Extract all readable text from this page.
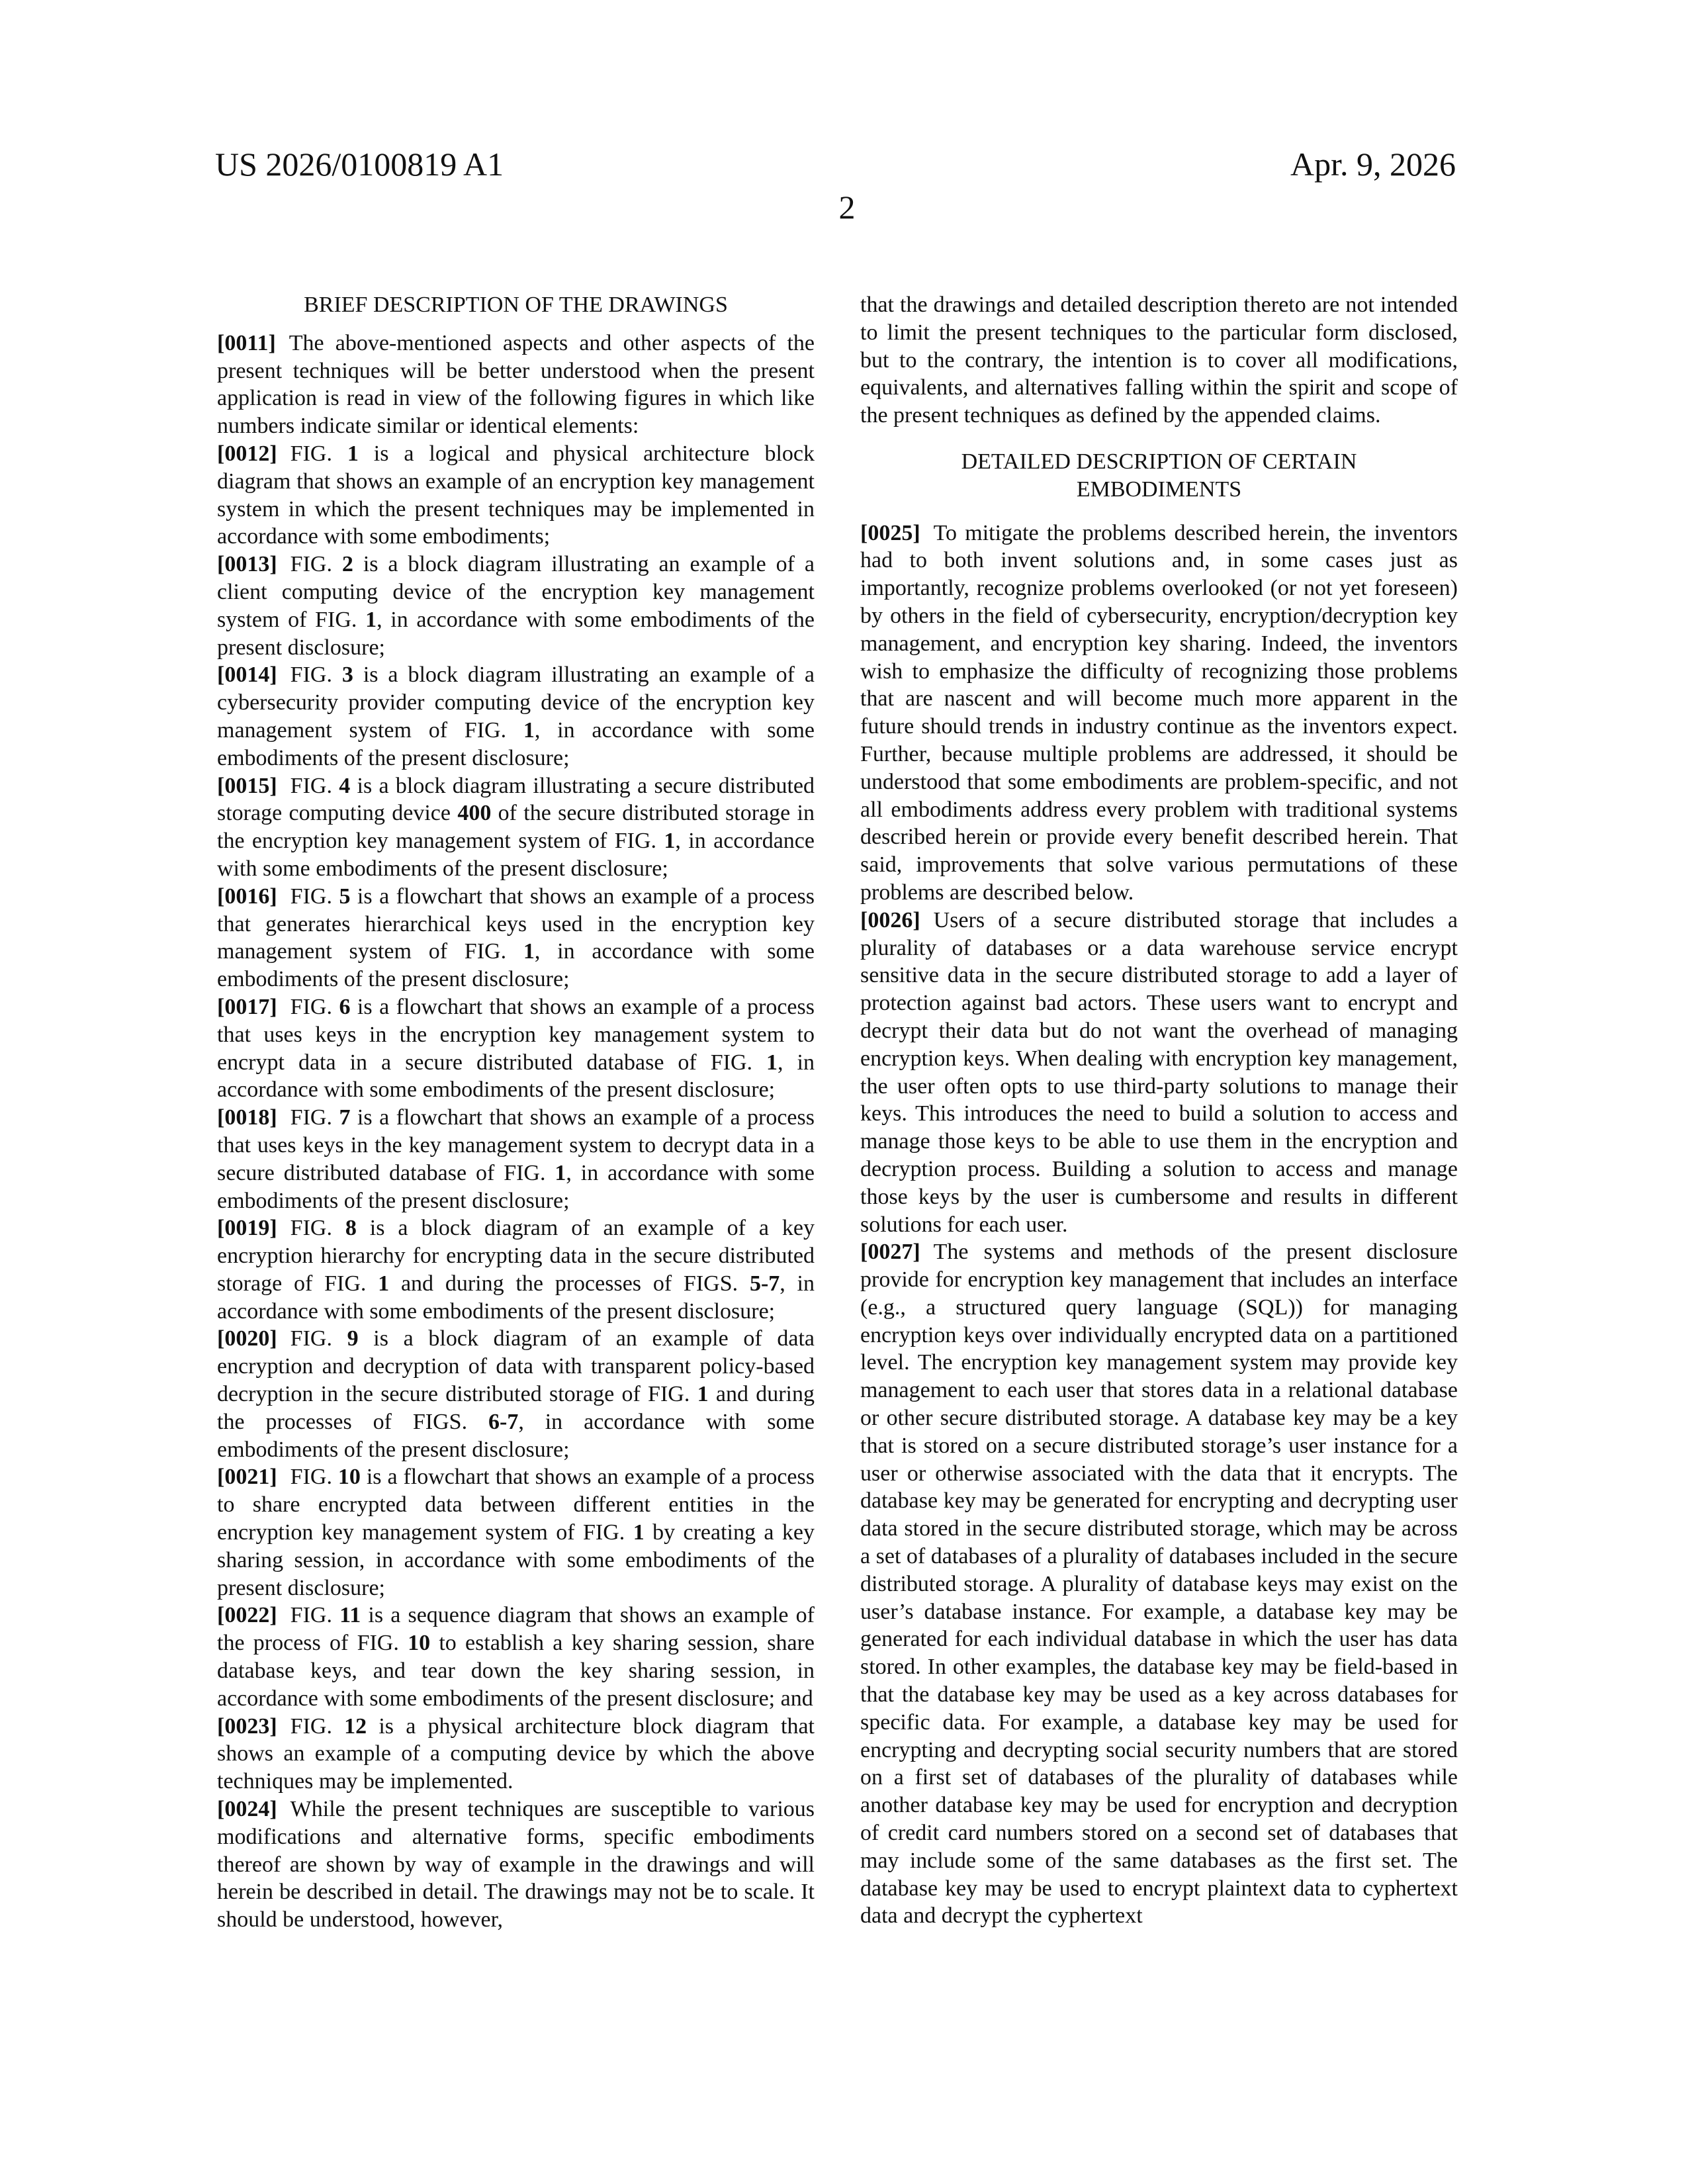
US 2026/0100819 A1	Apr. 9, 2026
2

BRIEF DESCRIPTION OF THE DRAWINGS

[0011] The above-mentioned aspects and other aspects of the present techniques will be better understood when the present application is read in view of the following figures in which like numbers indicate similar or identical elements:

[0012] FIG. 1 is a logical and physical architecture block diagram that shows an example of an encryption key management system in which the present techniques may be implemented in accordance with some embodiments;

[0013] FIG. 2 is a block diagram illustrating an example of a client computing device of the encryption key management system of FIG. 1, in accordance with some embodiments of the present disclosure;

[0014] FIG. 3 is a block diagram illustrating an example of a cybersecurity provider computing device of the encryption key management system of FIG. 1, in accordance with some embodiments of the present disclosure;

[0015] FIG. 4 is a block diagram illustrating a secure distributed storage computing device 400 of the secure distributed storage in the encryption key management system of FIG. 1, in accordance with some embodiments of the present disclosure;

[0016] FIG. 5 is a flowchart that shows an example of a process that generates hierarchical keys used in the encryption key management system of FIG. 1, in accordance with some embodiments of the present disclosure;

[0017] FIG. 6 is a flowchart that shows an example of a process that uses keys in the encryption key management system to encrypt data in a secure distributed database of FIG. 1, in accordance with some embodiments of the present disclosure;

[0018] FIG. 7 is a flowchart that shows an example of a process that uses keys in the key management system to decrypt data in a secure distributed database of FIG. 1, in accordance with some embodiments of the present disclosure;

[0019] FIG. 8 is a block diagram of an example of a key encryption hierarchy for encrypting data in the secure distributed storage of FIG. 1 and during the processes of FIGS. 5-7, in accordance with some embodiments of the present disclosure;

[0020] FIG. 9 is a block diagram of an example of data encryption and decryption of data with transparent policy-based decryption in the secure distributed storage of FIG. 1 and during the processes of FIGS. 6-7, in accordance with some embodiments of the present disclosure;

[0021] FIG. 10 is a flowchart that shows an example of a process to share encrypted data between different entities in the encryption key management system of FIG. 1 by creating a key sharing session, in accordance with some embodiments of the present disclosure;

[0022] FIG. 11 is a sequence diagram that shows an example of the process of FIG. 10 to establish a key sharing session, share database keys, and tear down the key sharing session, in accordance with some embodiments of the present disclosure; and

[0023] FIG. 12 is a physical architecture block diagram that shows an example of a computing device by which the above techniques may be implemented.

[0024] While the present techniques are susceptible to various modifications and alternative forms, specific embodiments thereof are shown by way of example in the drawings and will herein be described in detail. The drawings may not be to scale. It should be understood, however,

that the drawings and detailed description thereto are not intended to limit the present techniques to the particular form disclosed, but to the contrary, the intention is to cover all modifications, equivalents, and alternatives falling within the spirit and scope of the present techniques as defined by the appended claims.

DETAILED DESCRIPTION OF CERTAIN
EMBODIMENTS

[0025] To mitigate the problems described herein, the inventors had to both invent solutions and, in some cases just as importantly, recognize problems overlooked (or not yet foreseen) by others in the field of cybersecurity, encryption/decryption key management, and encryption key sharing. Indeed, the inventors wish to emphasize the difficulty of recognizing those problems that are nascent and will become much more apparent in the future should trends in industry continue as the inventors expect. Further, because multiple problems are addressed, it should be understood that some embodiments are problem-specific, and not all embodiments address every problem with traditional systems described herein or provide every benefit described herein. That said, improvements that solve various permutations of these problems are described below.

[0026] Users of a secure distributed storage that includes a plurality of databases or a data warehouse service encrypt sensitive data in the secure distributed storage to add a layer of protection against bad actors. These users want to encrypt and decrypt their data but do not want the overhead of managing encryption keys. When dealing with encryption key management, the user often opts to use third-party solutions to manage their keys. This introduces the need to build a solution to access and manage those keys to be able to use them in the encryption and decryption process. Building a solution to access and manage those keys by the user is cumbersome and results in different solutions for each user.

[0027] The systems and methods of the present disclosure provide for encryption key management that includes an interface (e.g., a structured query language (SQL)) for managing encryption keys over individually encrypted data on a partitioned level. The encryption key management system may provide key management to each user that stores data in a relational database or other secure distributed storage. A database key may be a key that is stored on a secure distributed storage’s user instance for a user or otherwise associated with the data that it encrypts. The database key may be generated for encrypting and decrypting user data stored in the secure distributed storage, which may be across a set of databases of a plurality of databases included in the secure distributed storage. A plurality of database keys may exist on the user’s database instance. For example, a database key may be generated for each individual database in which the user has data stored. In other examples, the database key may be field-based in that the database key may be used as a key across databases for specific data. For example, a database key may be used for encrypting and decrypting social security numbers that are stored on a first set of databases of the plurality of databases while another database key may be used for encryption and decryption of credit card numbers stored on a second set of databases that may include some of the same databases as the first set. The database key may be used to encrypt plaintext data to cyphertext data and decrypt the cyphertext
